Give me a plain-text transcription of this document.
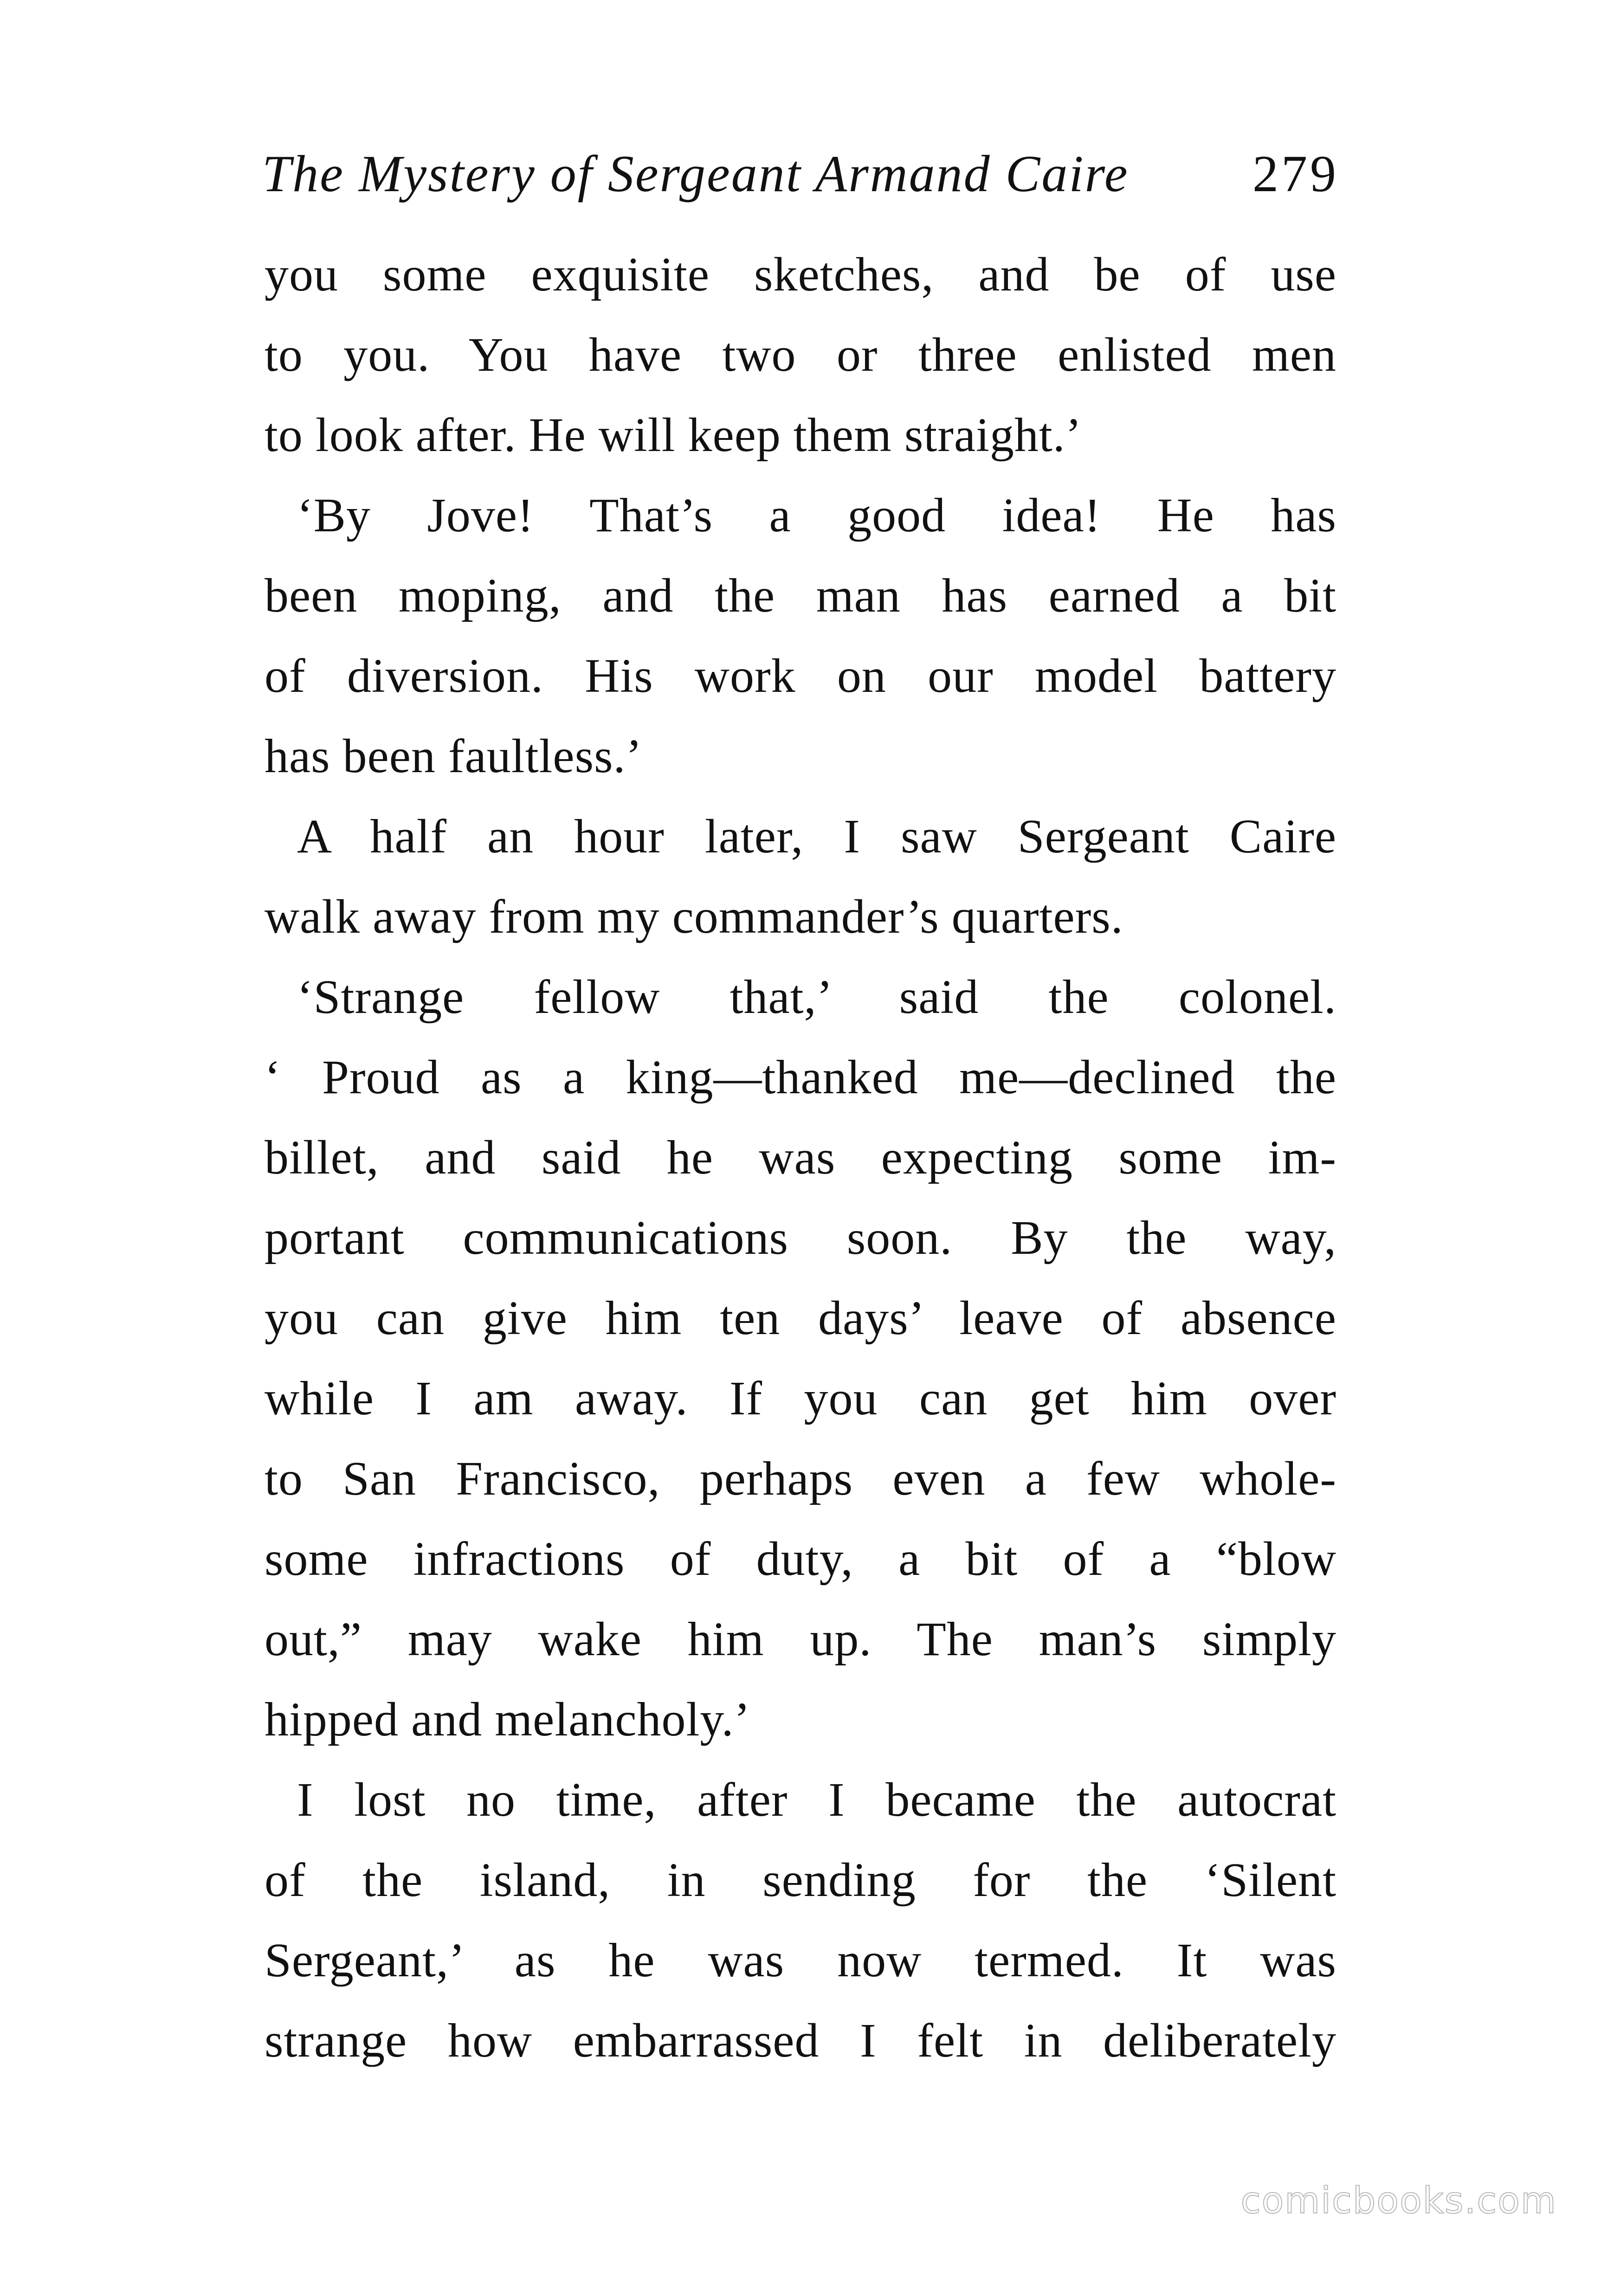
The Mystery of Sergeant Armand Caire 279
you some exquisite sketches, and be of use
to you. You have two or three enlisted men
to look after. He will keep them straight.’
‘By Jove! That’s a good idea! He has
been moping, and the man has earned a bit
of diversion. His work on our model battery
has been faultless.’
A half an hour later, I saw Sergeant Caire
walk away from my commander’s quarters.
‘Strange fellow that,’ said the colonel.
‘ Proud as a king—thanked me—declined the
billet, and said he was expecting some im-
portant communications soon. By the way,
you can give him ten days’ leave of absence
while I am away. If you can get him over
to San Francisco, perhaps even a few whole-
some infractions of duty, a bit of a “blow
out,” may wake him up. The man’s simply
hipped and melancholy.’
I lost no time, after I became the autocrat
of the island, in sending for the ‘Silent
Sergeant,’ as he was now termed. It was
strange how embarrassed I felt in deliberately
comicbooks.com
